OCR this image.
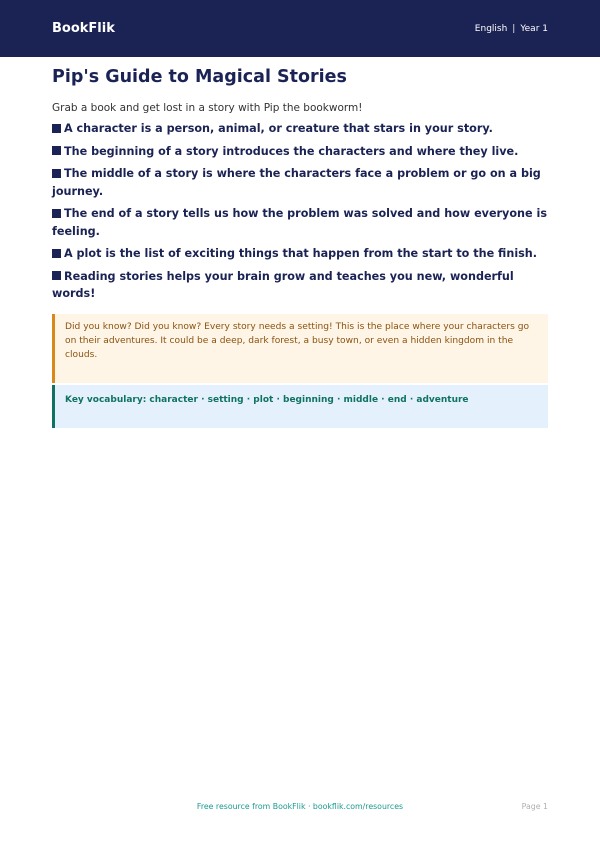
BookFlik	English | Year 1
Pip's Guide to Magical Stories

Grab a book and get lost in a story with Pip the bookworm!

A character is a person, animal, or creature that stars in your story.
The beginning of a story introduces the characters and where they live.
The middle of a story is where the characters face a problem or go on a big journey.
The end of a story tells us how the problem was solved and how everyone is feeling.
A plot is the list of exciting things that happen from the start to the finish.
Reading stories helps your brain grow and teaches you new, wonderful words!
Did you know? Did you know? Every story needs a setting! This is the place where your characters go on their adventures. It could be a deep, dark forest, a busy town, or even a hidden kingdom in the clouds.
Key vocabulary: character · setting · plot · beginning · middle · end · adventure
Free resource from BookFlik · bookflik.com/resources	Page 1
